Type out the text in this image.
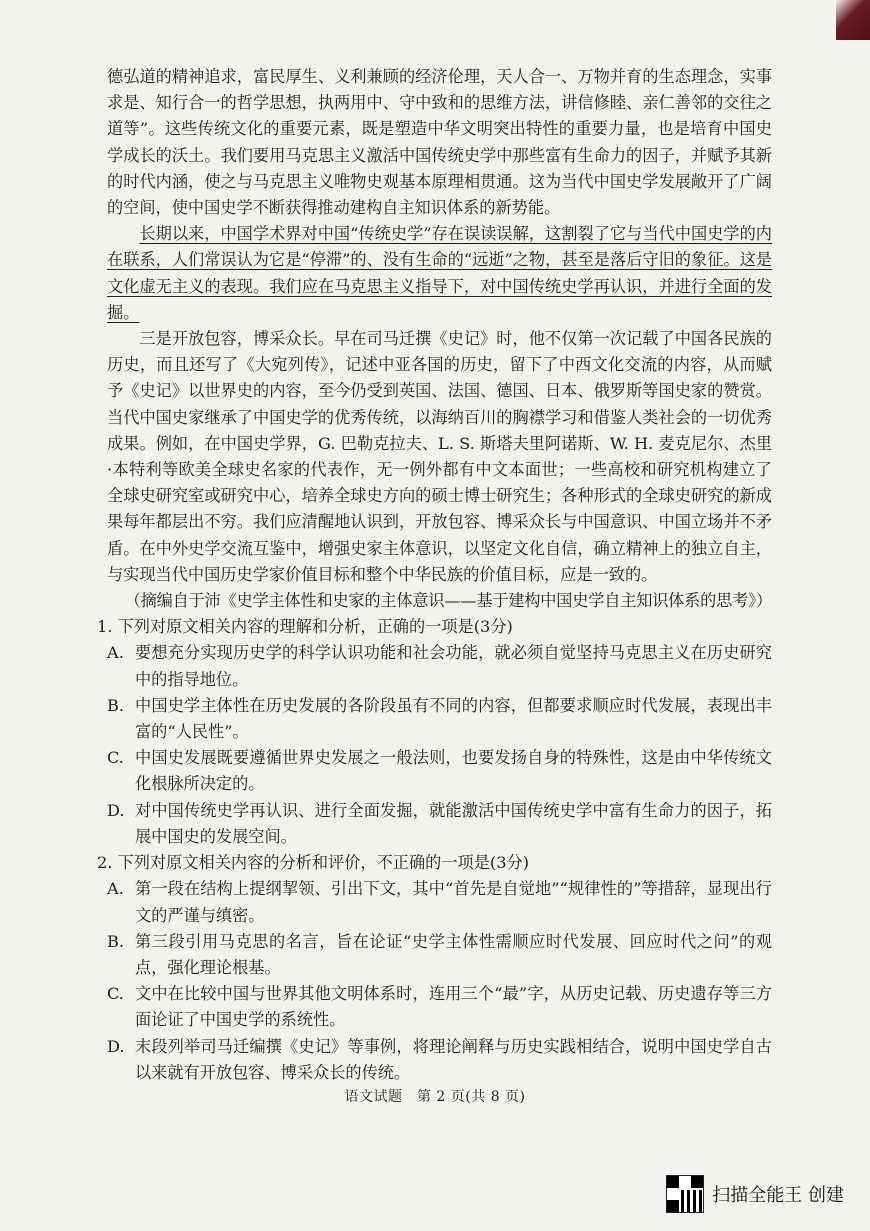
德弘道的精神追求，富民厚生、义利兼顾的经济伦理，天人合一、万物并育的生态理念，实事求是、知行合一的哲学思想，执两用中、守中致和的思维方法，讲信修睦、亲仁善邻的交往之道等”。这些传统文化的重要元素，既是塑造中华文明突出特性的重要力量，也是培育中国史学成长的沃土。我们要用马克思主义激活中国传统史学中那些富有生命力的因子，并赋予其新的时代内涵，使之与马克思主义唯物史观基本原理相贯通。这为当代中国史学发展敞开了广阔的空间，使中国史学不断获得推动建构自主知识体系的新势能。

长期以来，中国学术界对中国“传统史学”存在误读误解，这割裂了它与当代中国史学的内在联系，人们常误认为它是“停滞”的、没有生命的“远逝”之物，甚至是落后守旧的象征。这是文化虚无主义的表现。我们应在马克思主义指导下，对中国传统史学再认识，并进行全面的发掘。

三是开放包容，博采众长。早在司马迁撰《史记》时，他不仅第一次记载了中国各民族的历史，而且还写了《大宛列传》，记述中亚各国的历史，留下了中西文化交流的内容，从而赋予《史记》以世界史的内容，至今仍受到英国、法国、德国、日本、俄罗斯等国史家的赞赏。当代中国史家继承了中国史学的优秀传统，以海纳百川的胸襟学习和借鉴人类社会的一切优秀成果。例如，在中国史学界，G. 巴勒克拉夫、L. S. 斯塔夫里阿诺斯、W. H. 麦克尼尔、杰里·本特利等欧美全球史名家的代表作，无一例外都有中文本面世；一些高校和研究机构建立了全球史研究室或研究中心，培养全球史方向的硕士博士研究生；各种形式的全球史研究的新成果每年都层出不穷。我们应清醒地认识到，开放包容、博采众长与中国意识、中国立场并不矛盾。在中外史学交流互鉴中，增强史家主体意识，以坚定文化自信，确立精神上的独立自主，与实现当代中国历史学家价值目标和整个中华民族的价值目标，应是一致的。

（摘编自于沛《史学主体性和史家的主体意识——基于建构中国史学自主知识体系的思考》）

1. 下列对原文相关内容的理解和分析，正确的一项是(3分)

A. 要想充分实现历史学的科学认识功能和社会功能，就必须自觉坚持马克思主义在历史研究中的指导地位。
B. 中国史学主体性在历史发展的各阶段虽有不同的内容，但都要求顺应时代发展，表现出丰富的“人民性”。
C. 中国史发展既要遵循世界史发展之一般法则，也要发扬自身的特殊性，这是由中华传统文化根脉所决定的。
D. 对中国传统史学再认识、进行全面发掘，就能激活中国传统史学中富有生命力的因子，拓展中国史的发展空间。

2. 下列对原文相关内容的分析和评价，不正确的一项是(3分)

A. 第一段在结构上提纲挈领、引出下文，其中“首先是自觉地”“规律性的”等措辞，显现出行文的严谨与缜密。
B. 第三段引用马克思的名言，旨在论证“史学主体性需顺应时代发展、回应时代之问”的观点，强化理论根基。
C. 文中在比较中国与世界其他文明体系时，连用三个“最”字，从历史记载、历史遗存等三方面论证了中国史学的系统性。
D. 末段列举司马迁编撰《史记》等事例，将理论阐释与历史实践相结合，说明中国史学自古以来就有开放包容、博采众长的传统。
语文试题　第 2 页(共 8 页)
扫描全能王 创建
